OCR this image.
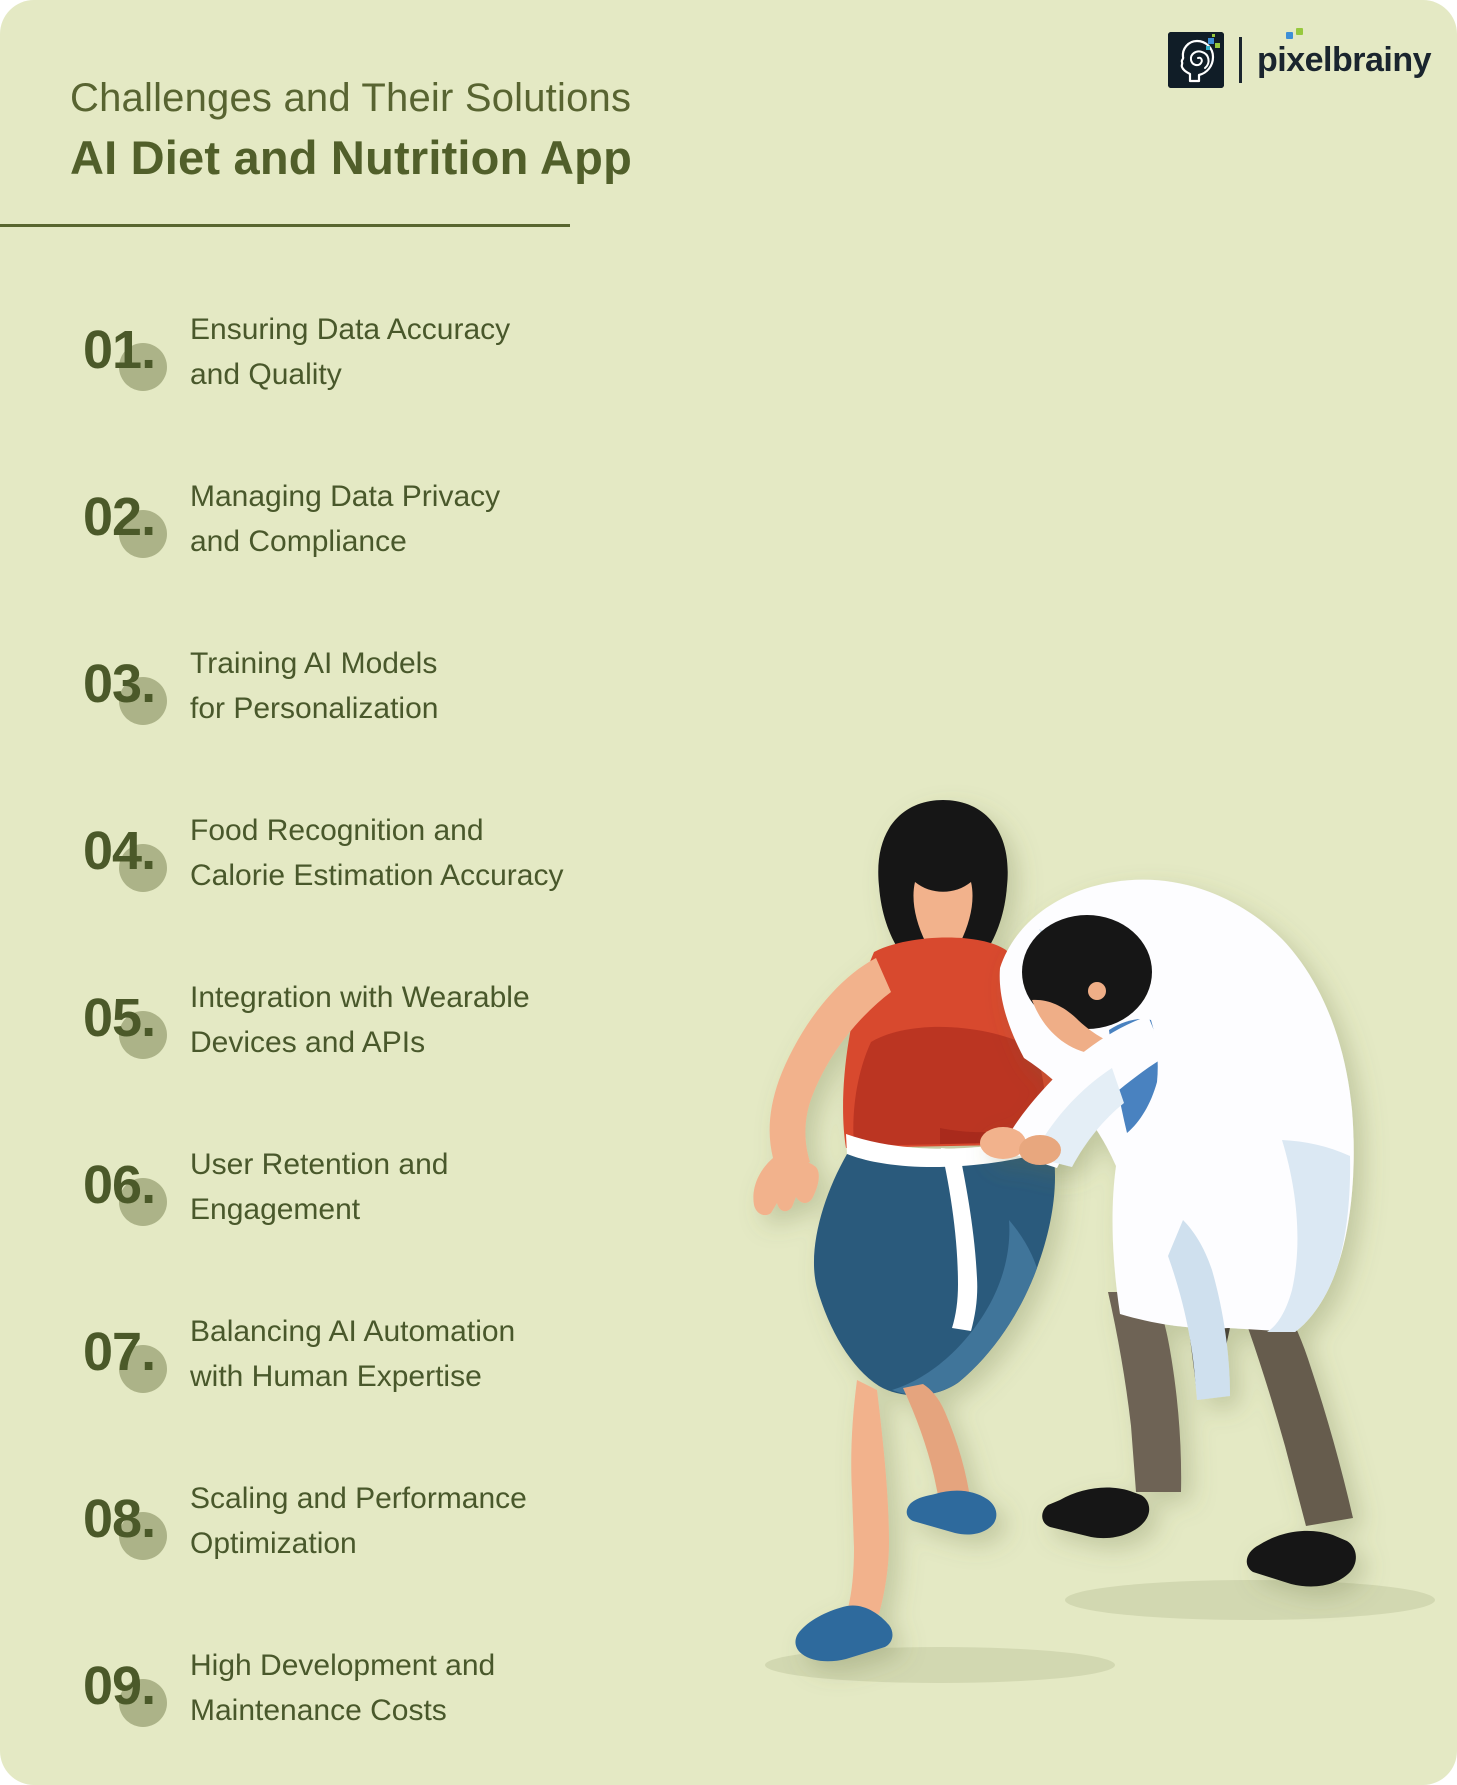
pi x elbrainy
Challenges and Their Solutions
AI Diet and Nutrition App
01. Ensuring Data Accuracy
and Quality
02. Managing Data Privacy
and Compliance
03. Training AI Models
for Personalization
04. Food Recognition and
Calorie Estimation Accuracy
05. Integration with Wearable
Devices and APIs
06. User Retention and
Engagement
07. Balancing AI Automation
with Human Expertise
08. Scaling and Performance
Optimization
09. High Development and
Maintenance Costs
